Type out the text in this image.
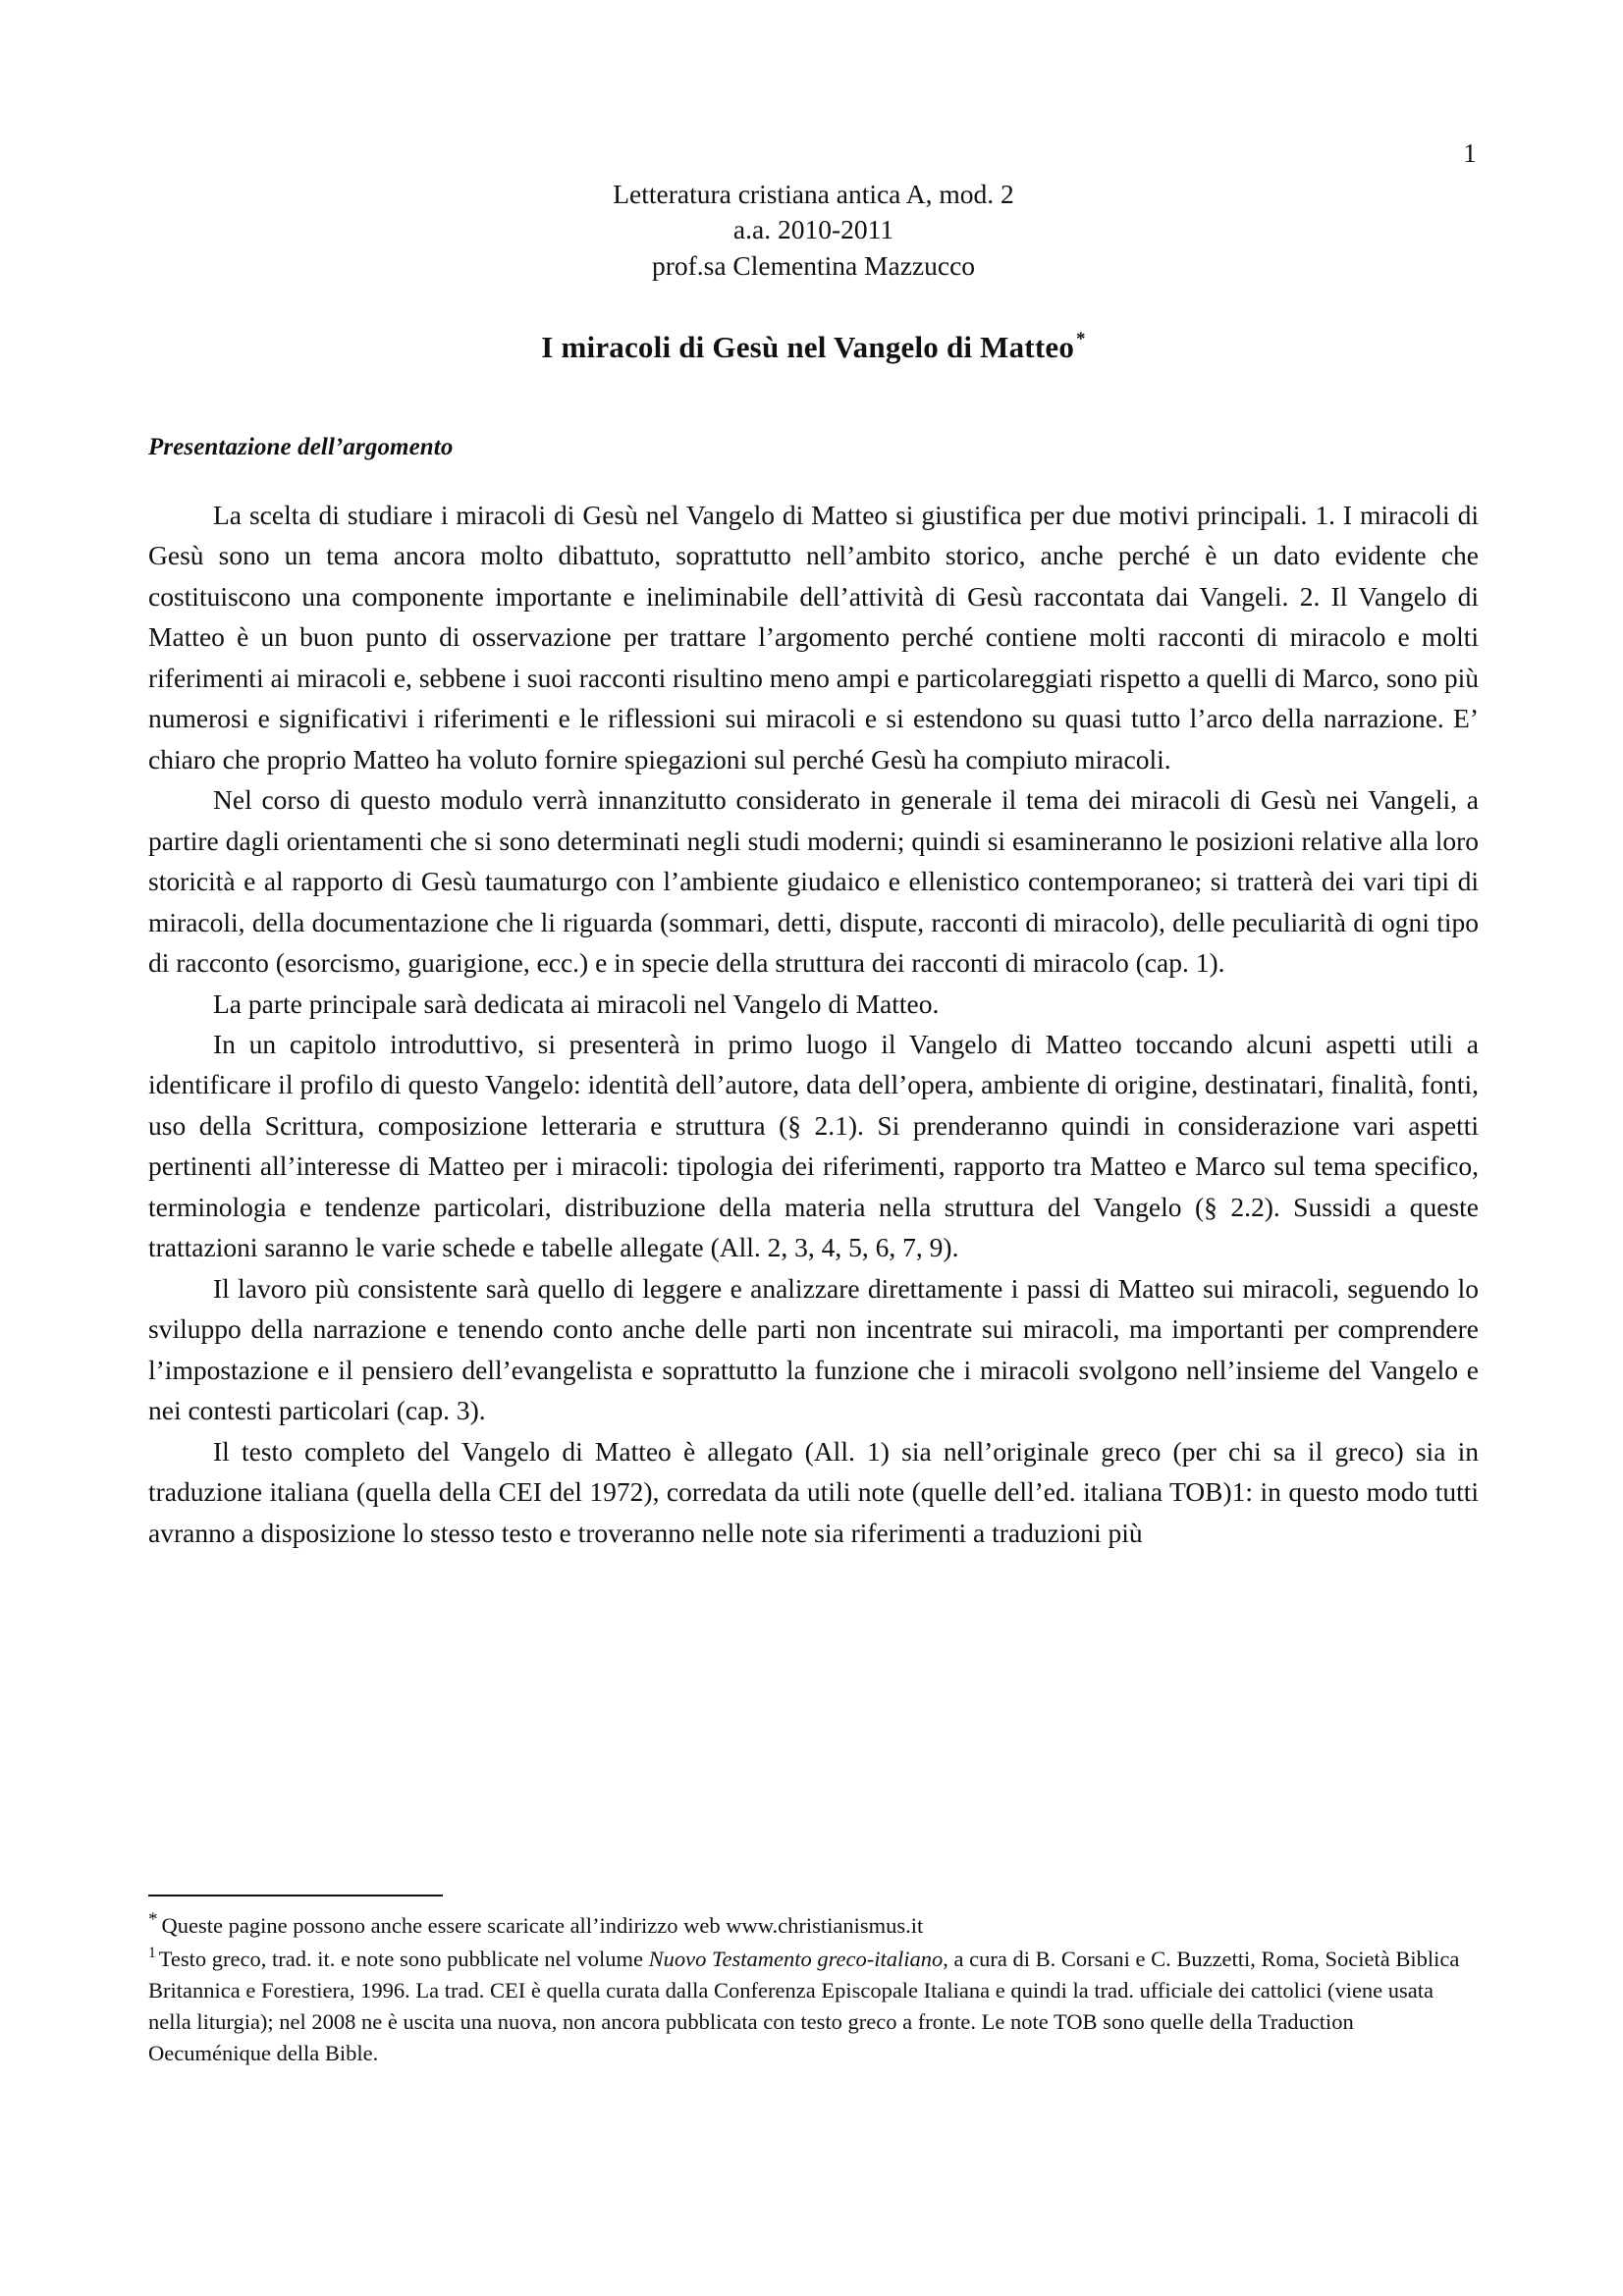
1
Letteratura cristiana antica A, mod. 2
a.a. 2010-2011
prof.sa Clementina Mazzucco
I miracoli di Gesù nel Vangelo di Matteo *
Presentazione dell’argomento

La scelta di studiare i miracoli di Gesù nel Vangelo di Matteo si giustifica per due motivi principali. 1. I miracoli di Gesù sono un tema ancora molto dibattuto, soprattutto nell’ambito storico, anche perché è un dato evidente che costituiscono una componente importante e ineliminabile dell’attività di Gesù raccontata dai Vangeli. 2. Il Vangelo di Matteo è un buon punto di osservazione per trattare l’argomento perché contiene molti racconti di miracolo e molti riferimenti ai miracoli e, sebbene i suoi racconti risultino meno ampi e particolareggiati rispetto a quelli di Marco, sono più numerosi e significativi i riferimenti e le riflessioni sui miracoli e si estendono su quasi tutto l’arco della narrazione. E’ chiaro che proprio Matteo ha voluto fornire spiegazioni sul perché Gesù ha compiuto miracoli.

Nel corso di questo modulo verrà innanzitutto considerato in generale il tema dei miracoli di Gesù nei Vangeli, a partire dagli orientamenti che si sono determinati negli studi moderni; quindi si esamineranno le posizioni relative alla loro storicità e al rapporto di Gesù taumaturgo con l’ambiente giudaico e ellenistico contemporaneo; si tratterà dei vari tipi di miracoli, della documentazione che li riguarda (sommari, detti, dispute, racconti di miracolo), delle peculiarità di ogni tipo di racconto (esorcismo, guarigione, ecc.) e in specie della struttura dei racconti di miracolo (cap. 1).

La parte principale sarà dedicata ai miracoli nel Vangelo di Matteo.

In un capitolo introduttivo, si presenterà in primo luogo il Vangelo di Matteo toccando alcuni aspetti utili a identificare il profilo di questo Vangelo: identità dell’autore, data dell’opera, ambiente di origine, destinatari, finalità, fonti, uso della Scrittura, composizione letteraria e struttura (§ 2.1). Si prenderanno quindi in considerazione vari aspetti pertinenti all’interesse di Matteo per i miracoli: tipologia dei riferimenti, rapporto tra Matteo e Marco sul tema specifico, terminologia e tendenze particolari, distribuzione della materia nella struttura del Vangelo (§ 2.2). Sussidi a queste trattazioni saranno le varie schede e tabelle allegate (All. 2, 3, 4, 5, 6, 7, 9).

Il lavoro più consistente sarà quello di leggere e analizzare direttamente i passi di Matteo sui miracoli, seguendo lo sviluppo della narrazione e tenendo conto anche delle parti non incentrate sui miracoli, ma importanti per comprendere l’impostazione e il pensiero dell’evangelista e soprattutto la funzione che i miracoli svolgono nell’insieme del Vangelo e nei contesti particolari (cap. 3).

Il testo completo del Vangelo di Matteo è allegato (All. 1) sia nell’originale greco (per chi sa il greco) sia in traduzione italiana (quella della CEI del 1972), corredata da utili note (quelle dell’ed. italiana TOB)1: in questo modo tutti avranno a disposizione lo stesso testo e troveranno nelle note sia riferimenti a traduzioni più

* Queste pagine possono anche essere scaricate all’indirizzo web www.christianismus.it

$^1$ Testo greco, trad. it. e note sono pubblicate nel volume Nuovo Testamento greco-italiano, a cura di B. Corsani e C. Buzzetti, Roma, Società Biblica Britannica e Forestiera, 1996. La trad. CEI è quella curata dalla Conferenza Episcopale Italiana e quindi la trad. ufficiale dei cattolici (viene usata nella liturgia); nel 2008 ne è uscita una nuova, non ancora pubblicata con testo greco a fronte. Le note TOB sono quelle della Traduction Oecuménique della Bible.
